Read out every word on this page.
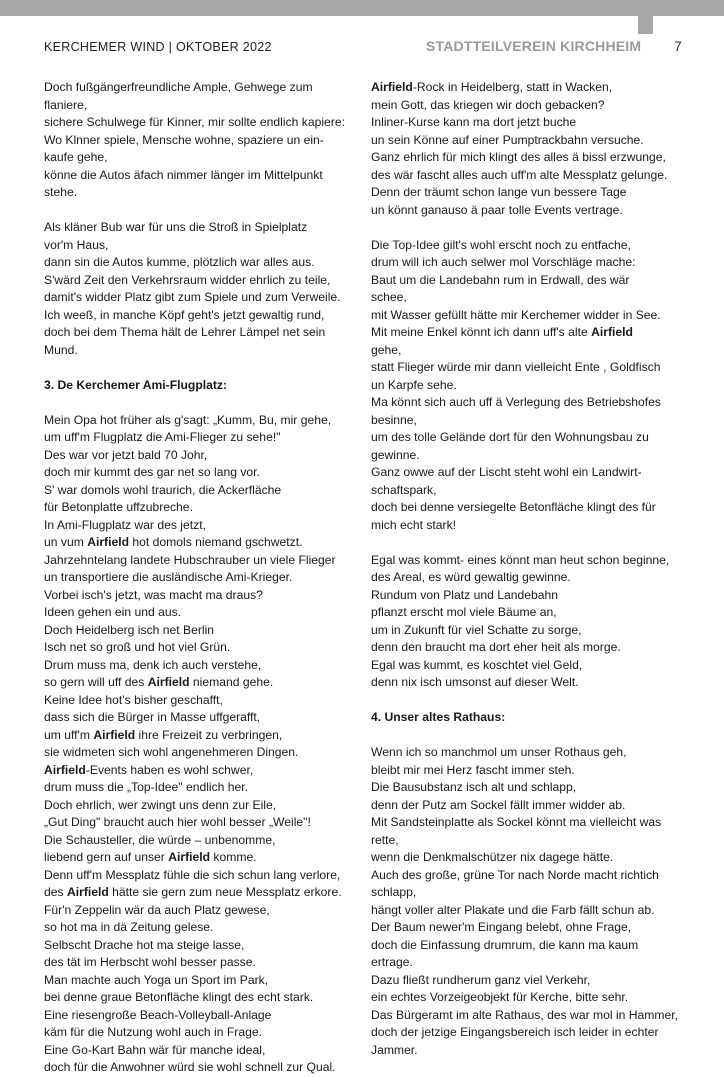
KERCHEMER WIND | OKTOBER 2022	STADTTEILVEREIN KIRCHHEIM 7

Doch fußgängerfreundliche Ample, Gehwege zum

flaniere,

sichere Schulwege für Kinner, mir sollte endlich kapiere:

Wo Klnner spiele, Mensche wohne, spaziere un ein-

kaufe gehe,

könne die Autos äfach nimmer länger im Mittelpunkt

stehe.

Als kläner Bub war für uns die Stroß in Spielplatz

vor'm Haus,

dann sin die Autos kumme, plötzlich war alles aus.

S'wärd Zeit den Verkehrsraum widder ehrlich zu teile,

damit's widder Platz gibt zum Spiele und zum Verweile.

Ich weeß, in manche Köpf geht's jetzt gewaltig rund,

doch bei dem Thema hält de Lehrer Lämpel net sein

Mund.

3. De Kerchemer Ami-Flugplatz:

Mein Opa hot früher als g'sagt: „Kumm, Bu, mir gehe,

um uff'm Flugplatz die Ami-Flieger zu sehe!"

Des war vor jetzt bald 70 Johr,

doch mir kummt des gar net so lang vor.

S' war domols wohl traurich, die Ackerfläche

für Betonplatte uffzubreche.

In Ami-Flugplatz war des jetzt,

un vum Airfield hot domols niemand gschwetzt.

Jahrzehntelang landete Hubschrauber un viele Flieger

un transportiere die ausländische Ami-Krieger.

Vorbei isch's jetzt, was macht ma draus?

Ideen gehen ein und aus.

Doch Heidelberg isch net Berlin

Isch net so groß und hot viel Grün.

Drum muss ma, denk ich auch verstehe,

so gern will uff des Airfield niemand gehe.

Keine Idee hot's bisher geschafft,

dass sich die Bürger in Masse uffgerafft,

um uff'm Airfield ihre Freizeit zu verbringen,

sie widmeten sich wohl angenehmeren Dingen.

Airfield-Events haben es wohl schwer,

drum muss die „Top-Idee" endlich her.

Doch ehrlich, wer zwingt uns denn zur Eile,

„Gut Ding" braucht auch hier wohl besser „Weile"!

Die Schausteller, die würde – unbenomme,

liebend gern auf unser Airfield komme.

Denn uff'm Messplatz fühle die sich schun lang verlore,

des Airfield hätte sie gern zum neue Messplatz erkore.

Für'n Zeppelin wär da auch Platz gewese,

so hot ma in dä Zeitung gelese.

Selbscht Drache hot ma steige lasse,

des tät im Herbscht wohl besser passe.

Man machte auch Yoga un Sport im Park,

bei denne graue Betonfläche klingt des echt stark.

Eine riesengroße Beach-Volleyball-Anlage

käm für die Nutzung wohl auch in Frage.

Eine Go-Kart Bahn wär für manche ideal,

doch für die Anwohner würd sie wohl schnell zur Qual.

Airfield-Rock in Heidelberg, statt in Wacken,

mein Gott, das kriegen wir doch gebacken?

Inliner-Kurse kann ma dort jetzt buche

un sein Könne auf einer Pumptrackbahn versuche.

Ganz ehrlich für mich klingt des alles ä bissl erzwunge,

des wär fascht alles auch uff'm alte Messplatz gelunge.

Denn der träumt schon lange vun bessere Tage

un könnt ganauso ä paar tolle Events vertrage.

Die Top-Idee gilt's wohl erscht noch zu entfache,

drum will ich auch selwer mol Vorschläge mache:

Baut um die Landebahn rum in Erdwall, des wär

schee,

mit Wasser gefüllt hätte mir Kerchemer widder in See.

Mit meine Enkel könnt ich dann uff's alte Airfield

gehe,

statt Flieger würde mir dann vielleicht Ente , Goldfisch

un Karpfe sehe.

Ma könnt sich auch uff ä Verlegung des Betriebshofes

besinne,

um des tolle Gelände dort für den Wohnungsbau zu

gewinne.

Ganz owwe auf der Lischt steht wohl ein Landwirt-

schaftspark,

doch bei denne versiegelte Betonfläche klingt des für

mich echt stark!

Egal was kommt- eines könnt man heut schon beginne,

des Areal, es würd gewaltig gewinne.

Rundum von Platz und Landebahn

pflanzt erscht mol viele Bäume an,

um in Zukunft für viel Schatte zu sorge,

denn den braucht ma dort eher heit als morge.

Egal was kummt, es koschtet viel Geld,

denn nix isch umsonst auf dieser Welt.

4. Unser altes Rathaus:

Wenn ich so manchmol um unser Rothaus geh,

bleibt mir mei Herz fascht immer steh.

Die Bausubstanz isch alt und schlapp,

denn der Putz am Sockel fällt immer widder ab.

Mit Sandsteinplatte als Sockel könnt ma vielleicht was

rette,

wenn die Denkmalschützer nix dagege hätte.

Auch des große, grüne Tor nach Norde macht richtich

schlapp,

hängt voller alter Plakate und die Farb fällt schun ab.

Der Baum newer'm Eingang belebt, ohne Frage,

doch die Einfassung drumrum, die kann ma kaum

ertrage.

Dazu fließt rundherum ganz viel Verkehr,

ein echtes Vorzeigeobjekt für Kerche, bitte sehr.

Das Bürgeramt im alte Rathaus, des war mol in Hammer,

doch der jetzige Eingangsbereich isch leider in echter

Jammer.
